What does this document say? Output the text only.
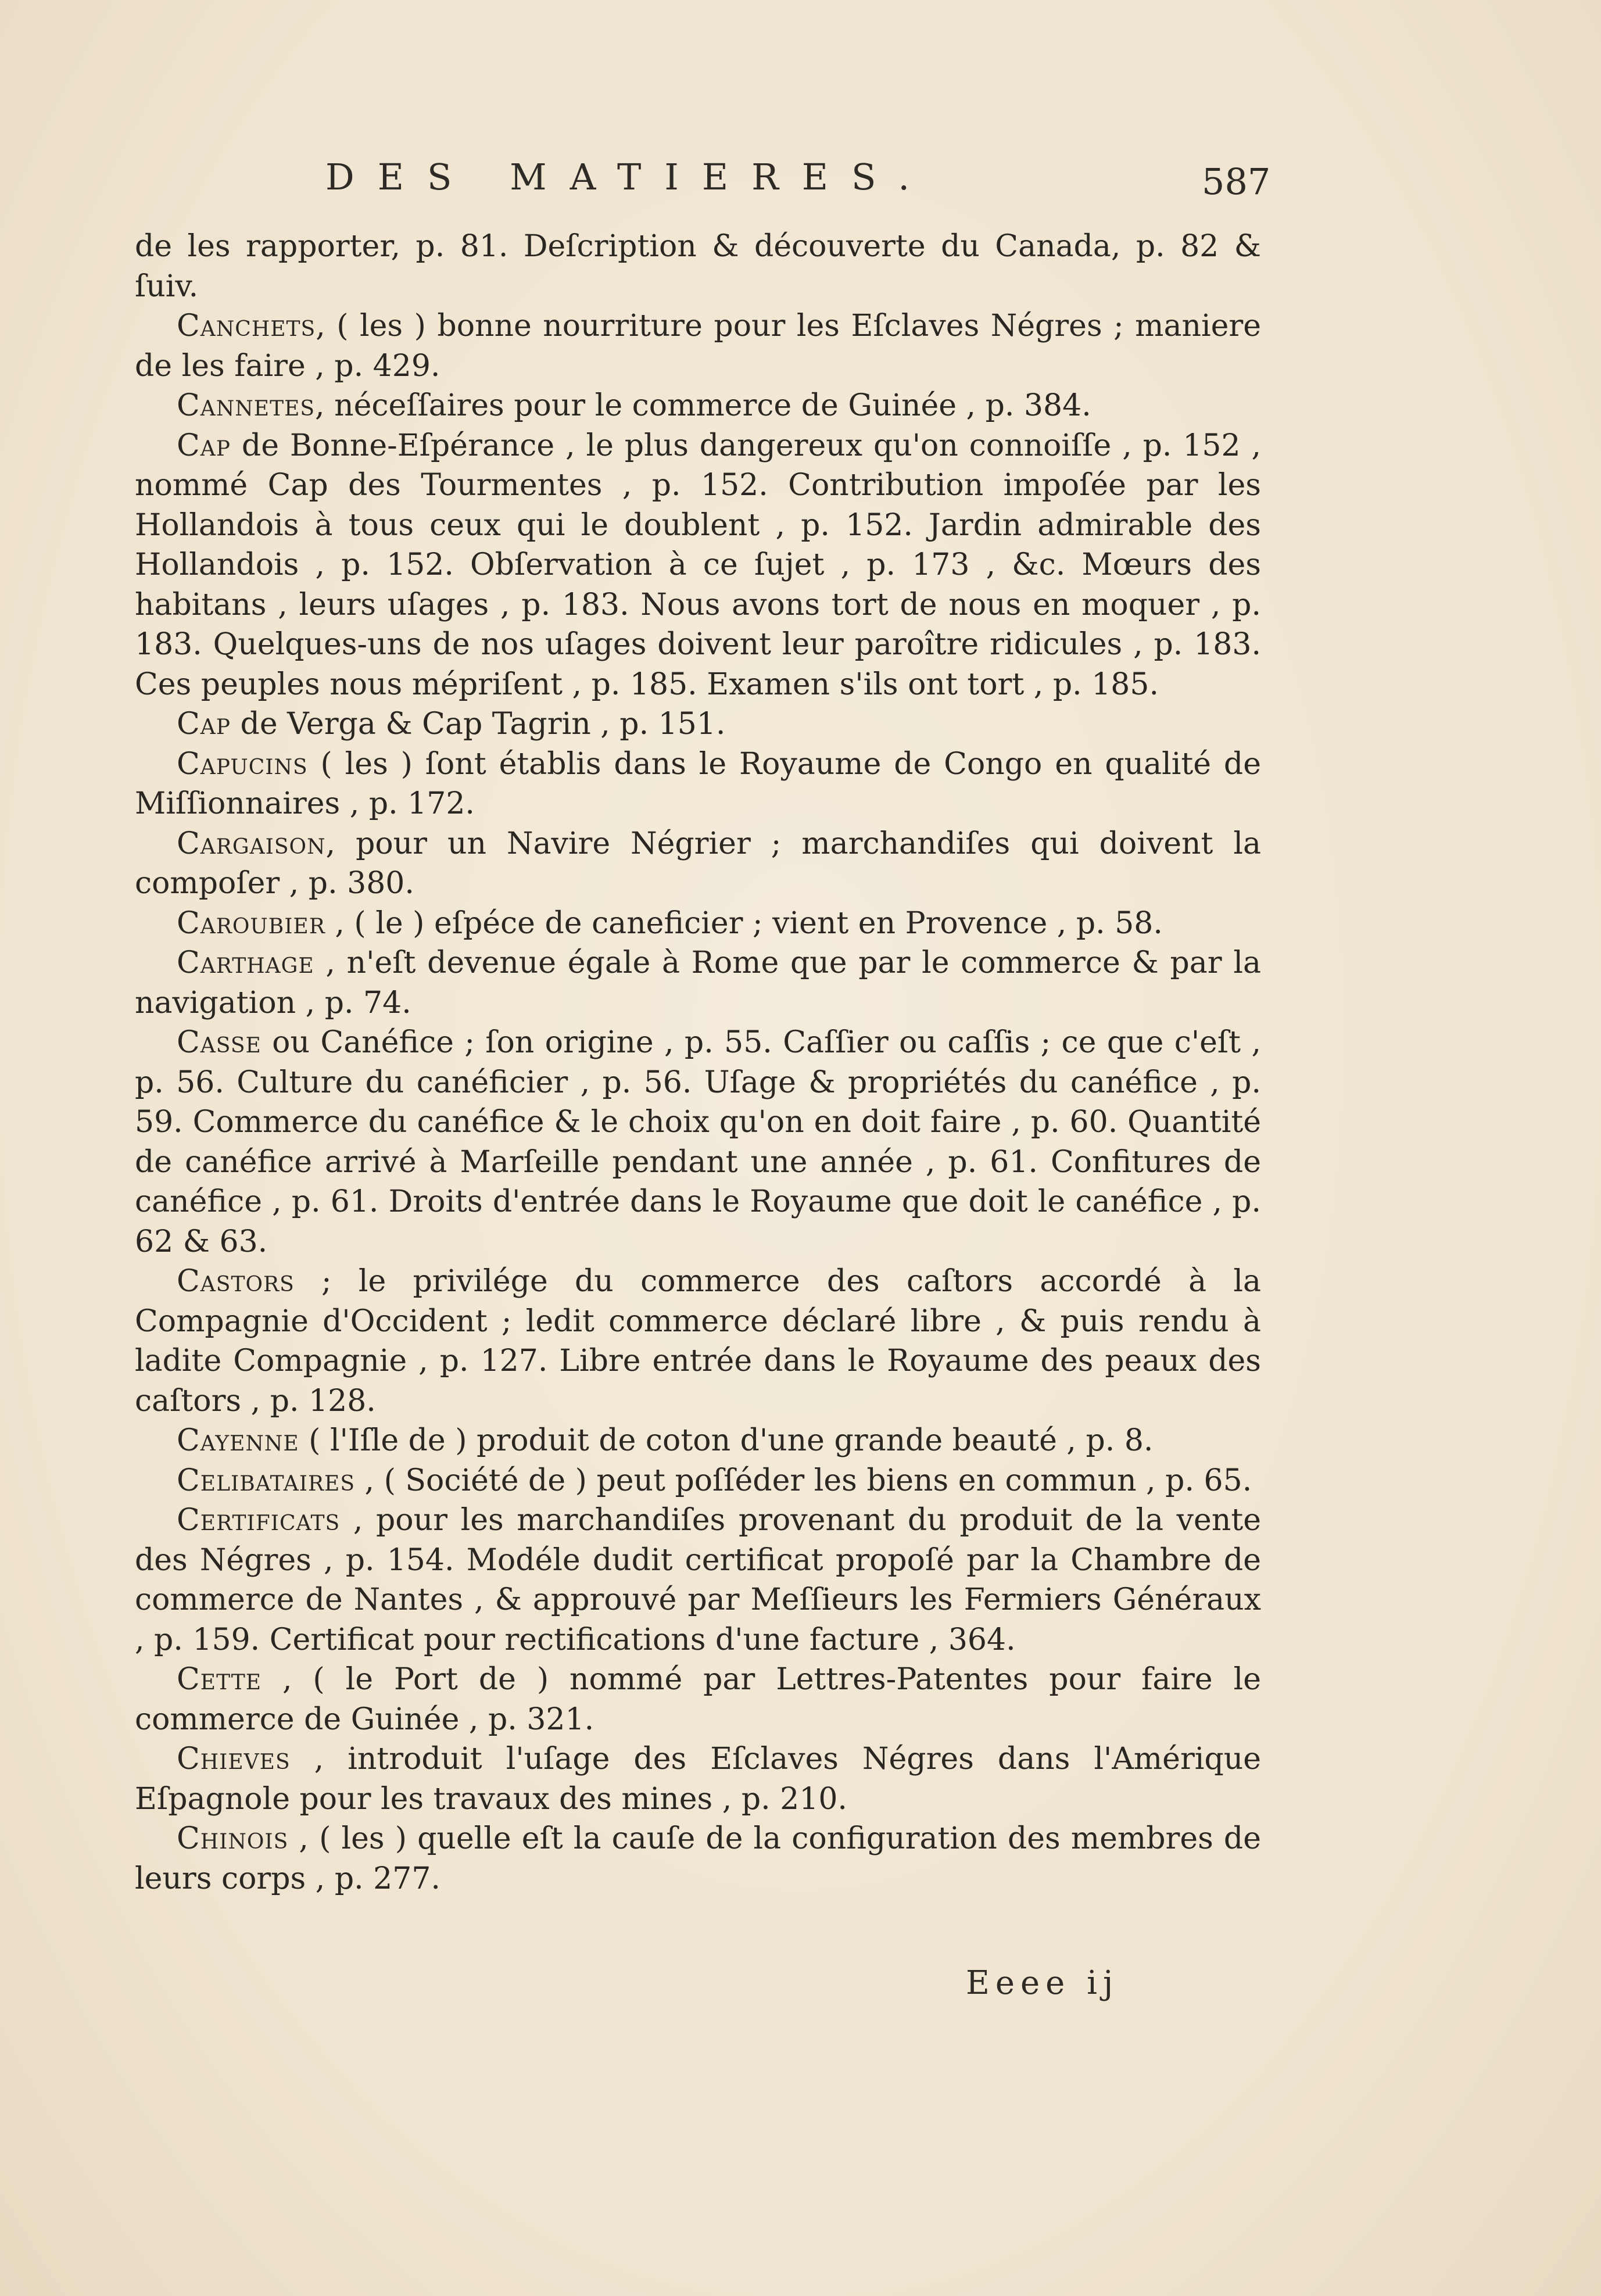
DES MATIERES.	587

de les rapporter, p. 81. Deſcription & découverte du Canada, p. 82 & ſuiv.

Canchets, ( les ) bonne nourriture pour les Eſclaves Négres ; maniere de les faire , p. 429.

Cannetes, néceſſaires pour le commerce de Guinée , p. 384.

Cap de Bonne-Eſpérance , le plus dangereux qu'on connoiſſe , p. 152 , nommé Cap des Tourmentes , p. 152. Contribution impoſée par les Hollandois à tous ceux qui le doublent , p. 152. Jardin admirable des Hollandois , p. 152. Obſervation à ce ſujet , p. 173 , &c. Mœurs des habitans , leurs uſages , p. 183. Nous avons tort de nous en moquer , p. 183. Quelques-uns de nos uſages doivent leur paroître ridicules , p. 183. Ces peuples nous mépriſent , p. 185. Examen s'ils ont tort , p. 185.

Cap de Verga & Cap Tagrin , p. 151.

Capucins ( les ) ſont établis dans le Royaume de Congo en qualité de Miſſionnaires , p. 172.

Cargaison, pour un Navire Négrier ; marchandiſes qui doivent la compoſer , p. 380.

Caroubier , ( le ) eſpéce de caneficier ; vient en Provence , p. 58.

Carthage , n'eſt devenue égale à Rome que par le commerce & par la navigation , p. 74.

Casse ou Canéfice ; ſon origine , p. 55. Caſſier ou caſſis ; ce que c'eſt , p. 56. Culture du canéficier , p. 56. Uſage & propriétés du canéfice , p. 59. Commerce du canéfice & le choix qu'on en doit faire , p. 60. Quantité de canéfice arrivé à Marſeille pendant une année , p. 61. Confitures de canéfice , p. 61. Droits d'entrée dans le Royaume que doit le canéfice , p. 62 & 63.

Castors ; le privilége du commerce des caſtors accordé à la Compagnie d'Occident ; ledit commerce déclaré libre , & puis rendu à ladite Compagnie , p. 127. Libre entrée dans le Royaume des peaux des caſtors , p. 128.

Cayenne ( l'Iſle de ) produit de coton d'une grande beauté , p. 8.

Celibataires , ( Société de ) peut poſſéder les biens en commun , p. 65.

Certificats , pour les marchandiſes provenant du produit de la vente des Négres , p. 154. Modéle dudit certificat propoſé par la Chambre de commerce de Nantes , & approuvé par Meſſieurs les Fermiers Généraux , p. 159. Certificat pour rectifications d'une facture , 364.

Cette , ( le Port de ) nommé par Lettres-Patentes pour faire le commerce de Guinée , p. 321.

Chieves , introduit l'uſage des Eſclaves Négres dans l'Amérique Eſpagnole pour les travaux des mines , p. 210.

Chinois , ( les ) quelle eſt la cauſe de la configuration des membres de leurs corps , p. 277.

Eeee ij
